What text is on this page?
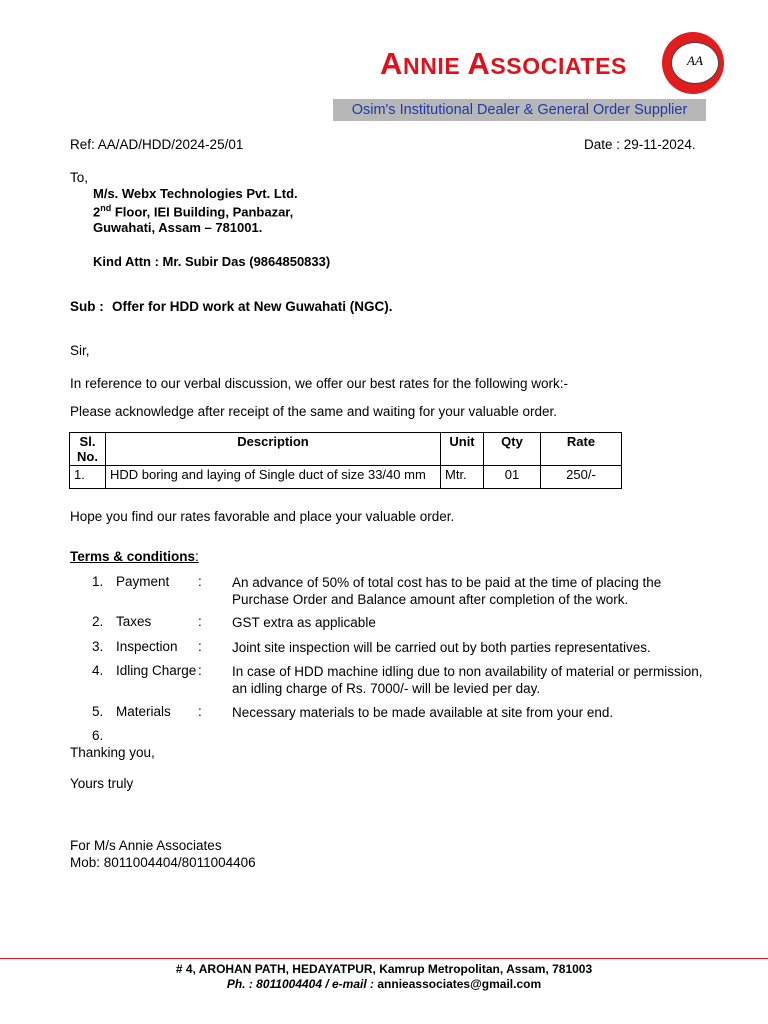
ANNIE ASSOCIATES	AA
Osim's Institutional Dealer & General Order Supplier
Ref: AA/AD/HDD/2024-25/01	Date : 29-11-2024.
To,
M/s. Webx Technologies Pvt. Ltd.
2nd Floor, IEI Building, Panbazar,
Guwahati, Assam – 781001.
Kind Attn : Mr. Subir Das (9864850833)
Sub : Offer for HDD work at New Guwahati (NGC).
Sir,
In reference to our verbal discussion, we offer our best rates for the following work:-
Please acknowledge after receipt of the same and waiting for your valuable order.
Sl.
No.	Description	Unit	Qty	Rate
1.	HDD boring and laying of Single duct of size 33/40 mm	Mtr.	01	250/-
Hope you find our rates favorable and place your valuable order.
Terms & conditions:
1. Payment : An advance of 50% of total cost has to be paid at the time of placing the Purchase Order and Balance amount after completion of the work.
2. Taxes	: GST extra as applicable
3. Inspection : Joint site inspection will be carried out by both parties representatives.
4. Idling Charge : In case of HDD machine idling due to non availability of material or permission, an idling charge of Rs. 7000/- will be levied per day.
5. Materials : Necessary materials to be made available at site from your end.
6.
Thanking you,
Yours truly
For M/s Annie Associates
Mob: 8011004404/8011004406
# 4, AROHAN PATH, HEDAYATPUR, Kamrup Metropolitan, Assam, 781003
Ph. : 8011004404 / e-mail : annieassociates@gmail.com
